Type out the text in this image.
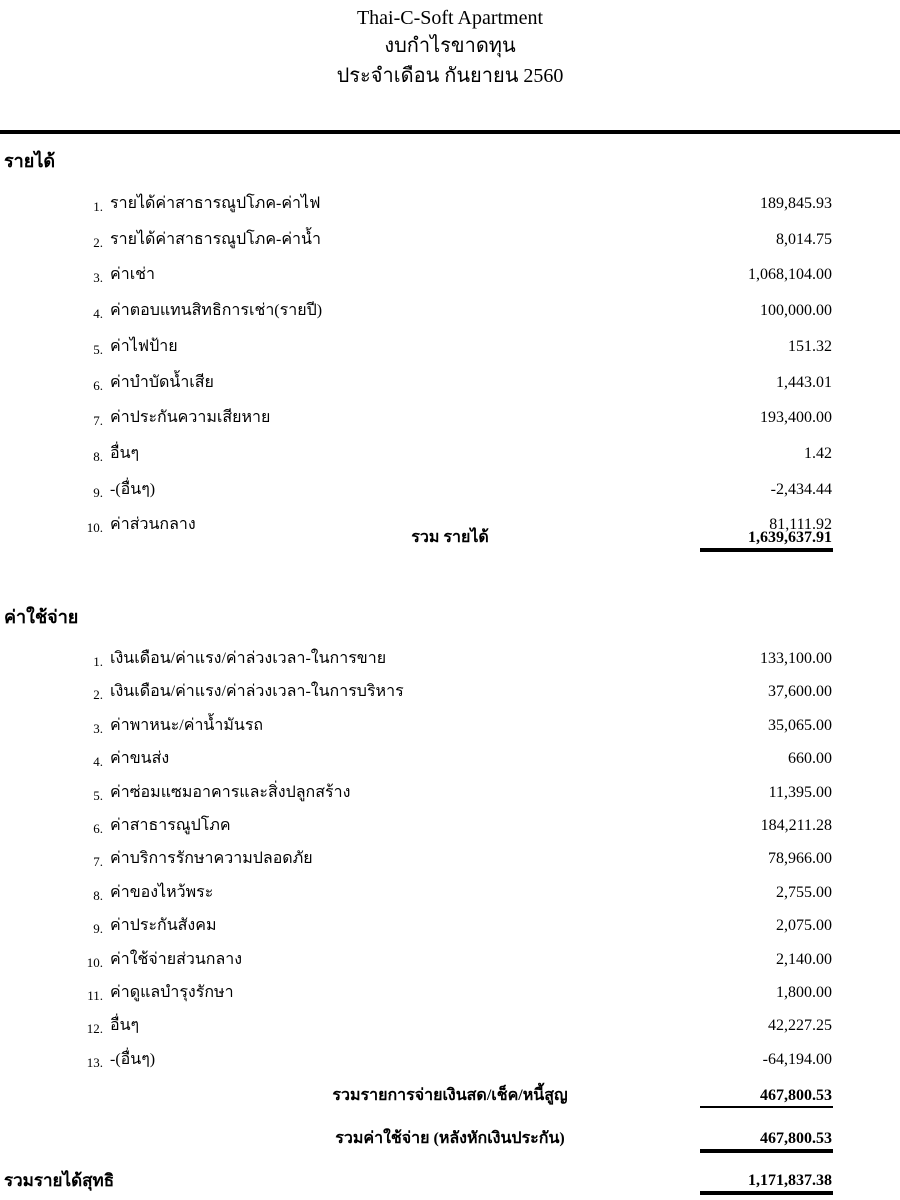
Thai-C-Soft Apartment
งบกำไรขาดทุน
ประจำเดือน กันยายน 2560
รายได้
1. รายได้ค่าสาธารณูปโภค-ค่าไฟ	189,845.93
2. รายได้ค่าสาธารณูปโภค-ค่าน้ำ	8,014.75
3. ค่าเช่า	1,068,104.00
4. ค่าตอบแทนสิทธิการเช่า(รายปี)	100,000.00
5. ค่าไฟป้าย	151.32
6. ค่าบำบัดน้ำเสีย	1,443.01
7. ค่าประกันความเสียหาย	193,400.00
8. อื่นๆ	1.42
9. -(อื่นๆ)	-2,434.44
10. ค่าส่วนกลาง	81,111.92
รวม รายได้	1,639,637.91
ค่าใช้จ่าย
1. เงินเดือน/ค่าแรง/ค่าล่วงเวลา-ในการขาย	133,100.00
2. เงินเดือน/ค่าแรง/ค่าล่วงเวลา-ในการบริหาร	37,600.00
3. ค่าพาหนะ/ค่าน้ำมันรถ	35,065.00
4. ค่าขนส่ง	660.00
5. ค่าซ่อมแซมอาคารและสิ่งปลูกสร้าง	11,395.00
6. ค่าสาธารณูปโภค	184,211.28
7. ค่าบริการรักษาความปลอดภัย	78,966.00
8. ค่าของไหว้พระ	2,755.00
9. ค่าประกันสังคม	2,075.00
10. ค่าใช้จ่ายส่วนกลาง	2,140.00
11. ค่าดูแลบำรุงรักษา	1,800.00
12. อื่นๆ	42,227.25
13. -(อื่นๆ)	-64,194.00
รวมรายการจ่ายเงินสด/เช็ค/หนี้สูญ	467,800.53
รวมค่าใช้จ่าย (หลังหักเงินประกัน)	467,800.53
รวมรายได้สุทธิ	1,171,837.38
